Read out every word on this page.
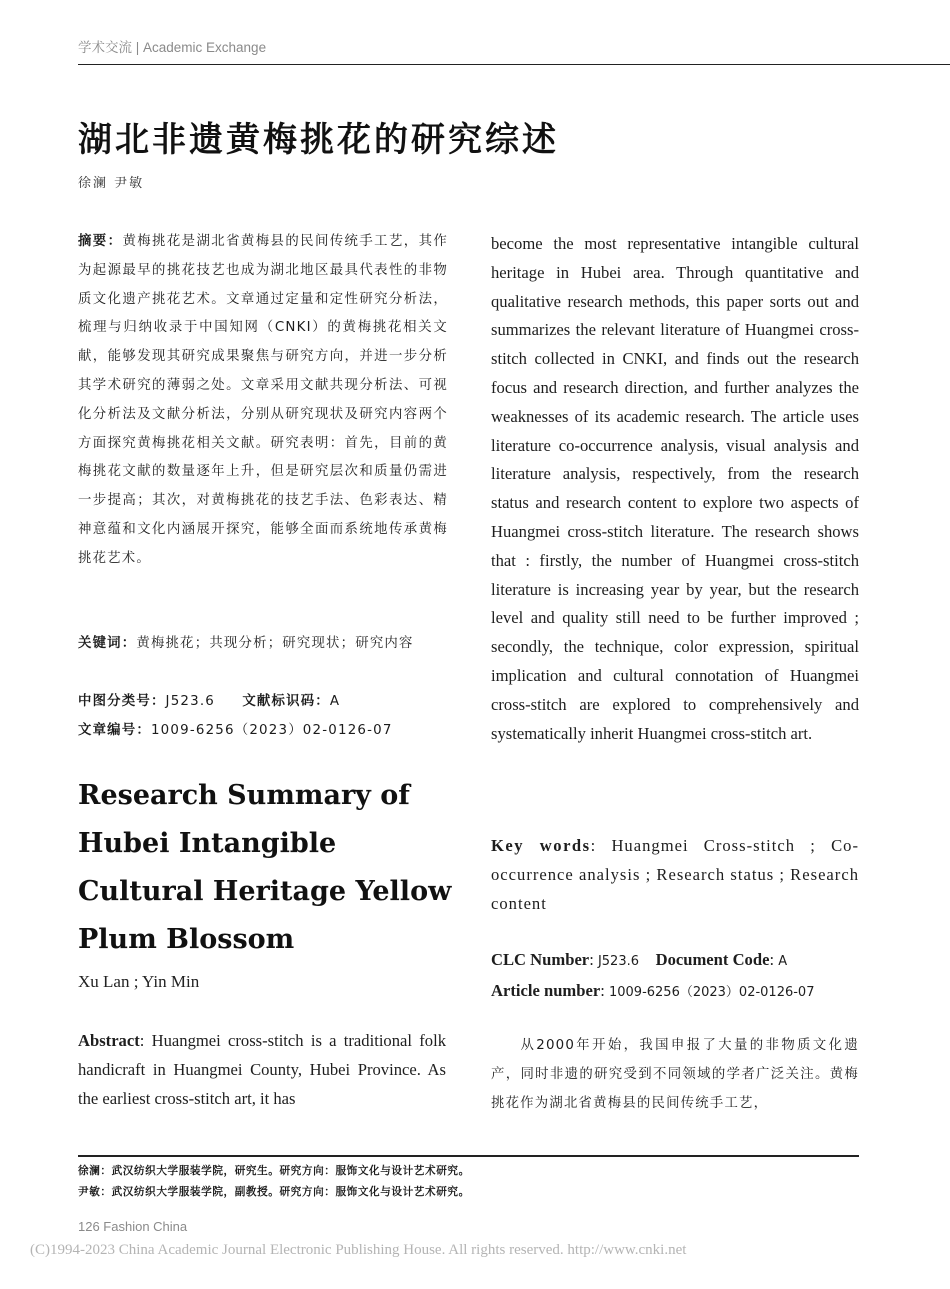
学术交流 | Academic Exchange
湖北非遗黄梅挑花的研究综述
徐澜 尹敏
摘要：黄梅挑花是湖北省黄梅县的民间传统手工艺，其作为起源最早的挑花技艺也成为湖北地区最具代表性的非物质文化遗产挑花艺术。文章通过定量和定性研究分析法，梳理与归纳收录于中国知网（CNKI）的黄梅挑花相关文献，能够发现其研究成果聚焦与研究方向，并进一步分析其学术研究的薄弱之处。文章采用文献共现分析法、可视化分析法及文献分析法，分别从研究现状及研究内容两个方面探究黄梅挑花相关文献。研究表明：首先，目前的黄梅挑花文献的数量逐年上升，但是研究层次和质量仍需进一步提高；其次，对黄梅挑花的技艺手法、色彩表达、精神意蕴和文化内涵展开探究，能够全面而系统地传承黄梅挑花艺术。
关键词：黄梅挑花；共现分析；研究现状；研究内容
中图分类号：J523.6 文献标识码：A
文章编号：1009-6256（2023）02-0126-07
Research Summary of Hubei Intangible Cultural Heritage Yellow Plum Blossom
Xu Lan ; Yin Min
Abstract: Huangmei cross-stitch is a traditional folk handicraft in Huangmei County, Hubei Province. As the earliest cross-stitch art, it has
become the most representative intangible cultural heritage in Hubei area. Through quantitative and qualitative research methods, this paper sorts out and summarizes the relevant literature of Huangmei cross-stitch collected in CNKI, and finds out the research focus and research direction, and further analyzes the weaknesses of its academic research. The article uses literature co-occurrence analysis, visual analysis and literature analysis, respectively, from the research status and research content to explore two aspects of Huangmei cross-stitch literature. The research shows that : firstly, the number of Huangmei cross-stitch literature is increasing year by year, but the research level and quality still need to be further improved ; secondly, the technique, color expression, spiritual implication and cultural connotation of Huangmei cross-stitch are explored to comprehensively and systematically inherit Huangmei cross-stitch art.
Key words: Huangmei Cross-stitch ; Co-occurrence analysis ; Research status ; Research content
CLC Number: J523.6 Document Code: A
Article number: 1009-6256（2023）02-0126-07
从2000年开始，我国申报了大量的非物质文化遗产，同时非遗的研究受到不同领域的学者广泛关注。黄梅挑花作为湖北省黄梅县的民间传统手工艺，
徐澜：武汉纺织大学服装学院，研究生。研究方向：服饰文化与设计艺术研究。
尹敏：武汉纺织大学服装学院，副教授。研究方向：服饰文化与设计艺术研究。
126 Fashion China
(C)1994-2023 China Academic Journal Electronic Publishing House. All rights reserved. http://www.cnki.net
